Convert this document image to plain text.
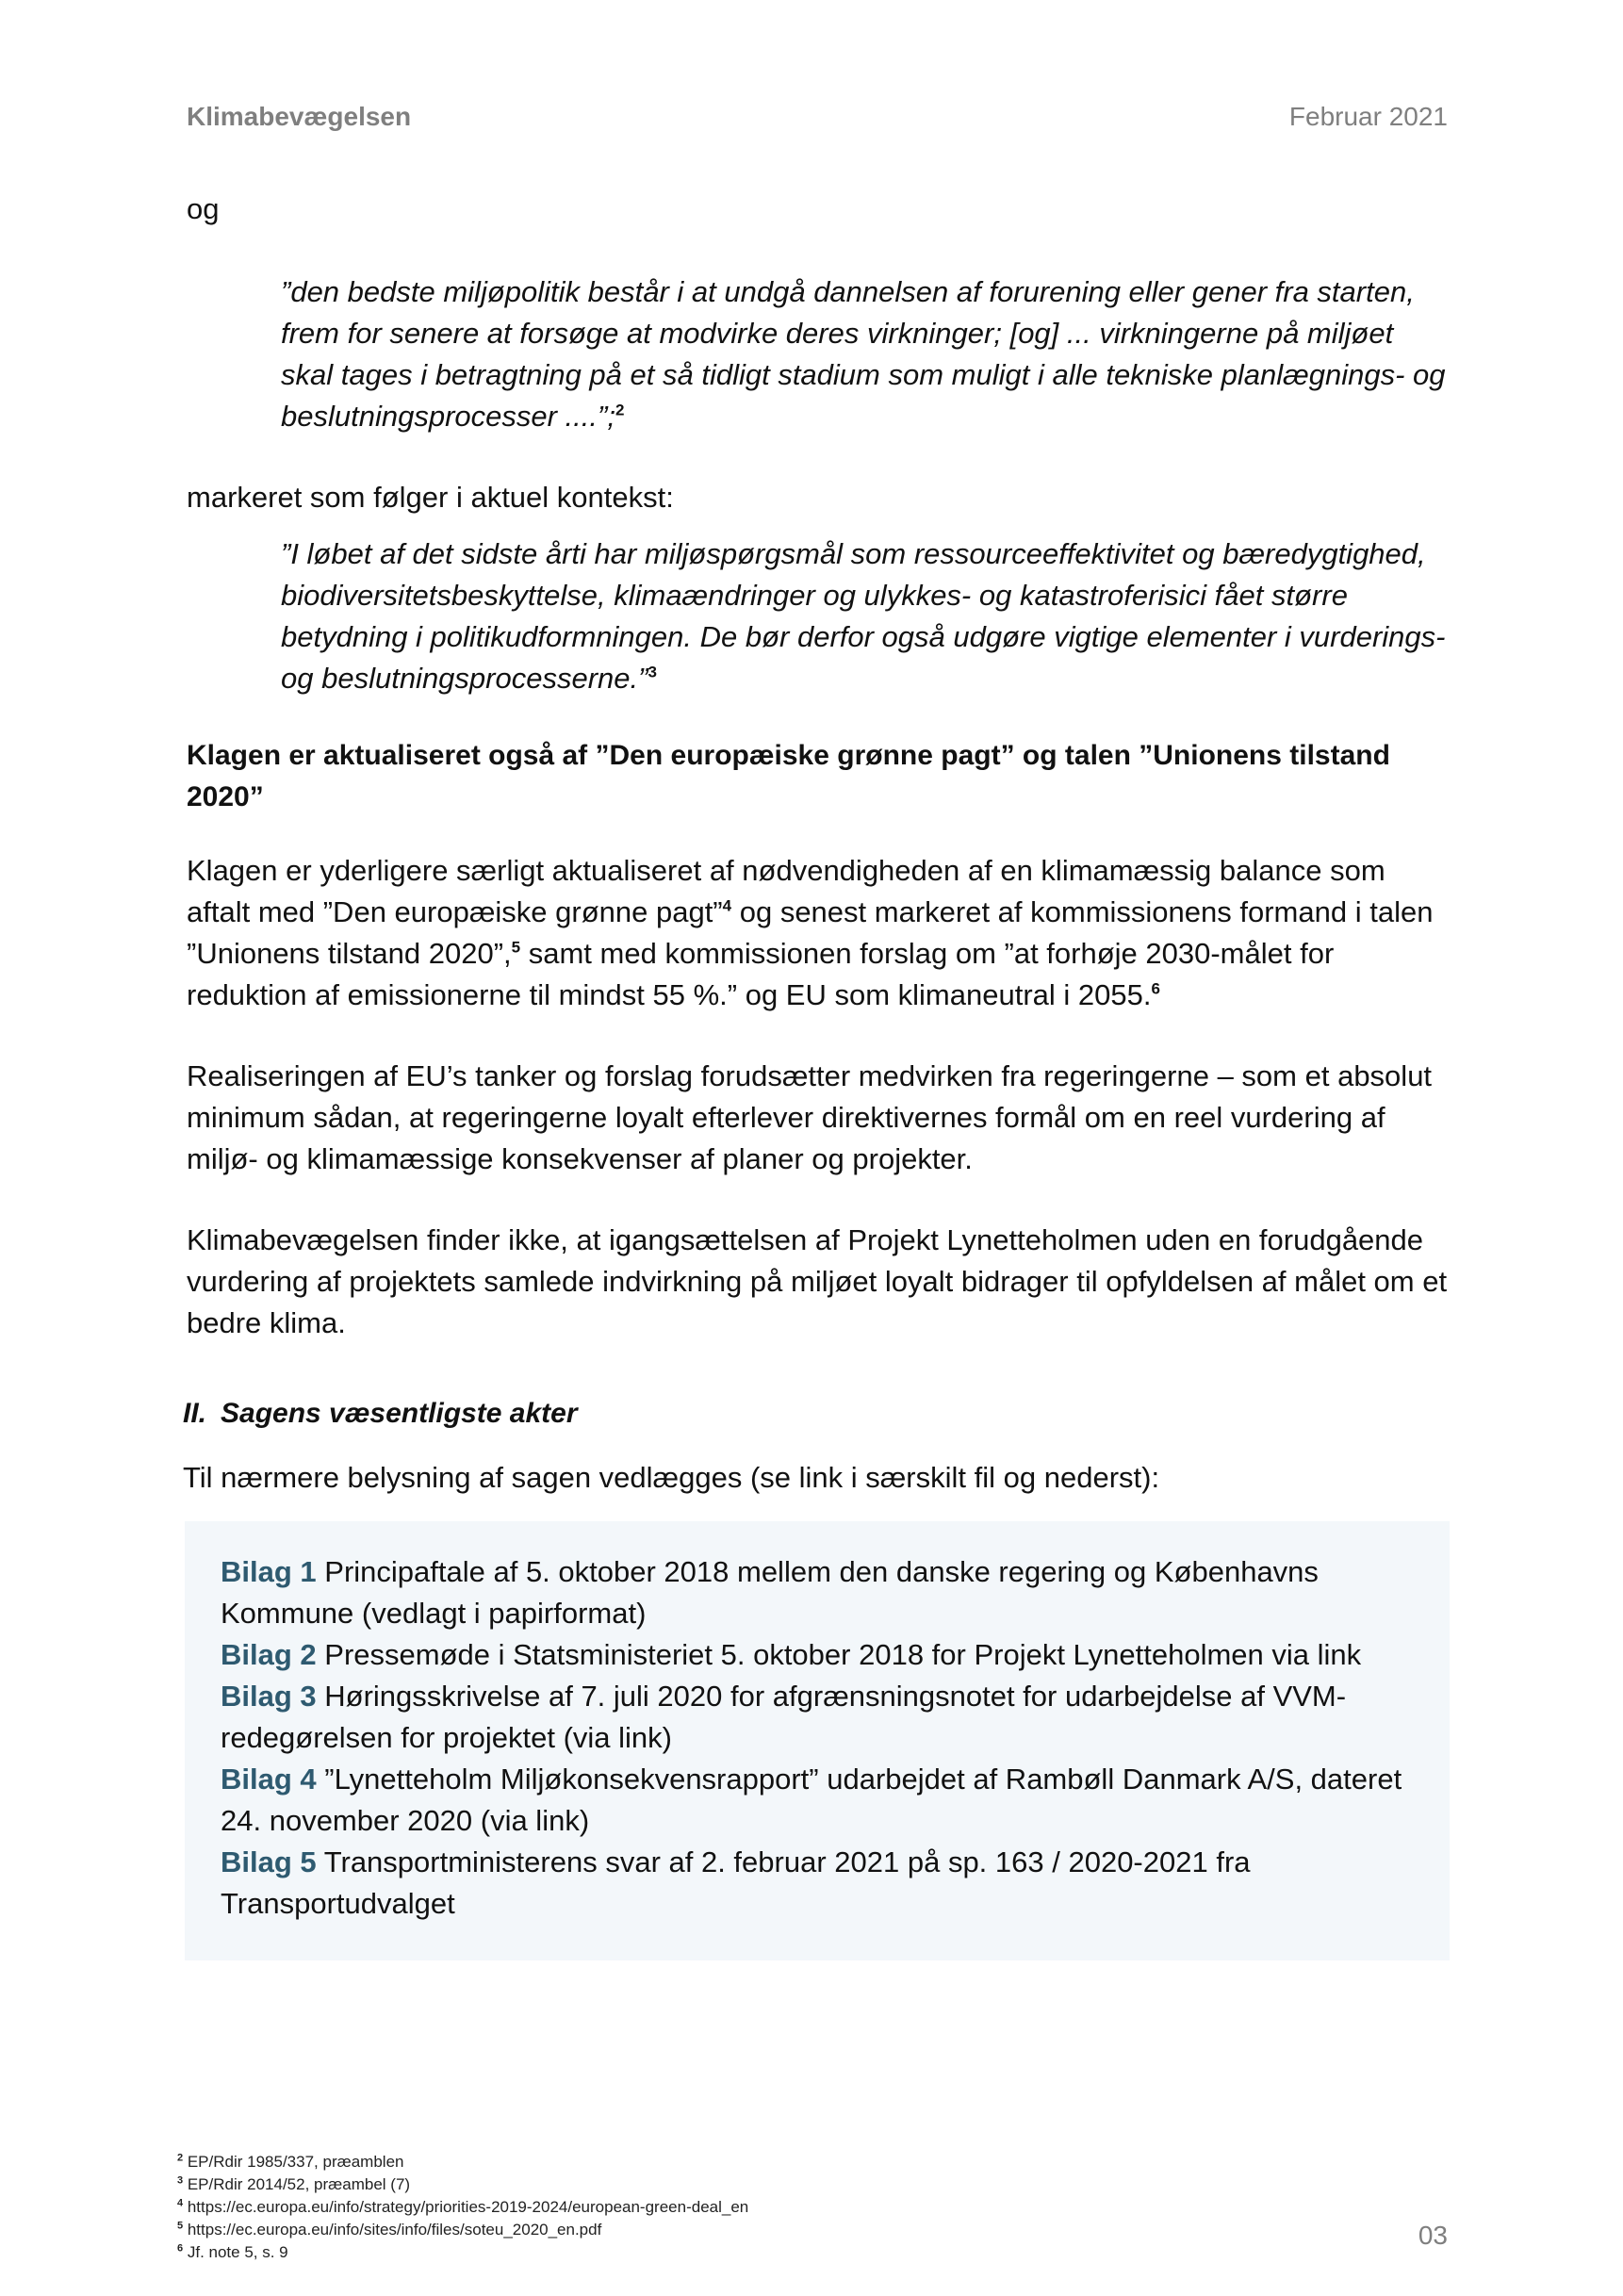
Klimabevægelsen	Februar 2021

og

”den bedste miljøpolitik består i at undgå dannelsen af forurening eller gener fra starten, frem for senere at forsøge at modvirke deres virkninger; [og] ... virkningerne på miljøet skal tages i betragtning på et så tidligt stadium som muligt i alle tekniske planlægnings- og beslutningsprocesser ....”;$^2$

markeret som følger i aktuel kontekst:

”I løbet af det sidste årti har miljøspørgsmål som ressourceeffektivitet og bæredygtighed, biodiversitetsbeskyttelse, klimaændringer og ulykkes- og katastroferisici fået større betydning i politikudformningen. De bør derfor også udgøre vigtige elementer i vurderings- og beslutningsprocesserne.”$^3$

Klagen er aktualiseret også af ”Den europæiske grønne pagt” og talen ”Unionens tilstand 2020”

Klagen er yderligere særligt aktualiseret af nødvendigheden af en klimamæssig balance som aftalt med ”Den europæiske grønne pagt”$^4$ og senest markeret af kommissionens formand i talen ”Unionens tilstand 2020”,$^5$ samt med kommissionen forslag om ”at forhøje 2030-målet for reduktion af emissionerne til mindst 55 %.” og EU som klimaneutral i 2055.$^6$

Realiseringen af EU’s tanker og forslag forudsætter medvirken fra regeringerne – som et absolut minimum sådan, at regeringerne loyalt efterlever direktivernes formål om en reel vurdering af miljø- og klimamæssige konsekvenser af planer og projekter.

Klimabevægelsen finder ikke, at igangsættelsen af Projekt Lynetteholmen uden en forudgående vurdering af projektets samlede indvirkning på miljøet loyalt bidrager til opfyldelsen af målet om et bedre klima.

II. Sagens væsentligste akter

Til nærmere belysning af sagen vedlægges (se link i særskilt fil og nederst):

Bilag 1 Principaftale af 5. oktober 2018 mellem den danske regering og Københavns Kommune (vedlagt i papirformat)

Bilag 2 Pressemøde i Statsministeriet 5. oktober 2018 for Projekt Lynetteholmen via link

Bilag 3 Høringsskrivelse af 7. juli 2020 for afgrænsningsnotet for udarbejdelse af VVM-redegørelsen for projektet (via link)

Bilag 4 ”Lynetteholm Miljøkonsekvensrapport” udarbejdet af Rambøll Danmark A/S, dateret 24. november 2020 (via link)

Bilag 5 Transportministerens svar af 2. februar 2021 på sp. 163 / 2020-2021 fra Transportudvalget

$^2$ EP/Rdir 1985/337, præamblen

$^3$ EP/Rdir 2014/52, præambel (7)

$^4$ https://ec.europa.eu/info/strategy/priorities-2019-2024/european-green-deal_en

$^5$ https://ec.europa.eu/info/sites/info/files/soteu_2020_en.pdf

$^6$ Jf. note 5, s. 9

03
